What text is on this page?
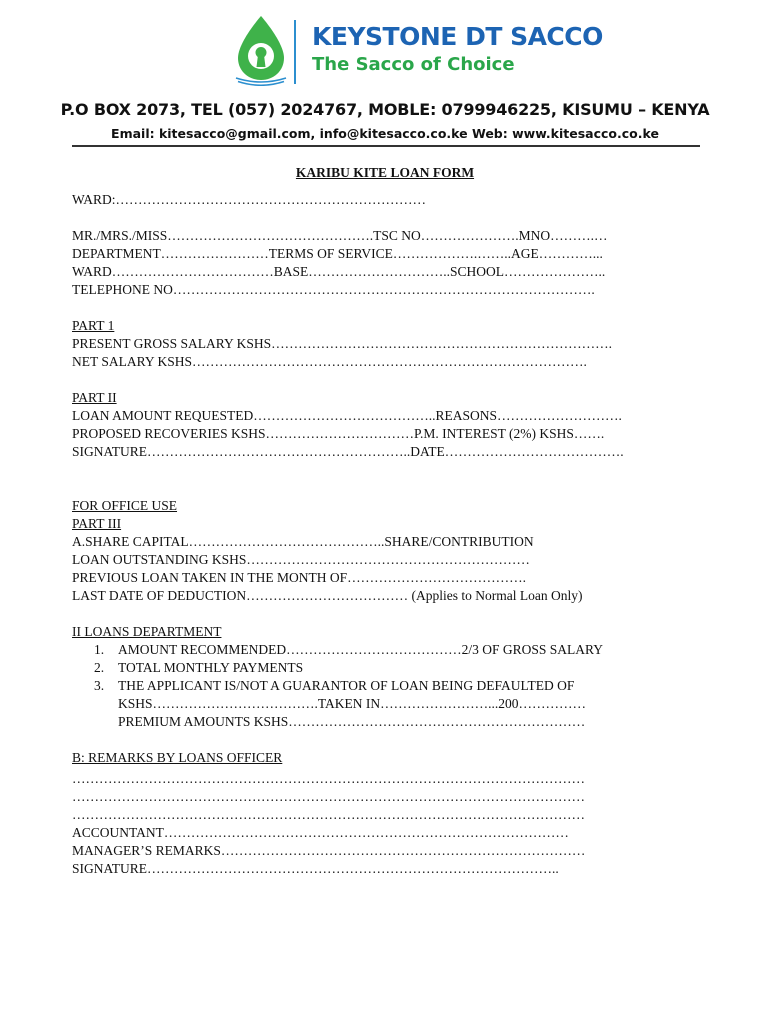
KEYSTONE DT SACCO
The Sacco of Choice
P.O BOX 2073, TEL (057) 2024767, MOBLE: 0799946225, KISUMU – KENYA
Email: kitesacco@gmail.com, info@kitesacco.co.ke Web: www.kitesacco.co.ke
KARIBU KITE LOAN FORM
WARD:……………………………………………………………
MR./MRS./MISS……………………………………….TSC NO………………….MNO……….…
DEPARTMENT……………………TERMS OF SERVICE……………….……..AGE…………...
WARD………………………………BASE…………………………..SCHOOL…………………..
TELEPHONE NO………………………………………………………………………………….
PART 1
PRESENT GROSS SALARY KSHS………………………………………………………………….
NET SALARY KSHS…………………………………………………………………………….
PART II
LOAN AMOUNT REQUESTED…………………………………..REASONS……………………….
PROPOSED RECOVERIES KSHS……………………………P.M. INTEREST (2%) KSHS…….
SIGNATURE…………………………………………………..DATE………………………………….
FOR OFFICE USE
PART III
A.SHARE CAPITAL……………………………………..SHARE/CONTRIBUTION
LOAN OUTSTANDING KSHS………………………………………………………
PREVIOUS LOAN TAKEN IN THE MONTH OF………………………………….
LAST DATE OF DEDUCTION……………………………… (Applies to Normal Loan Only)
II LOANS DEPARTMENT
1. AMOUNT RECOMMENDED…………………………………2/3 OF GROSS SALARY
2. TOTAL MONTHLY PAYMENTS
3. THE APPLICANT IS/NOT A GUARANTOR OF LOAN BEING DEFAULTED OF
KSHS……………………………….TAKEN IN……………………...200……………
PREMIUM AMOUNTS KSHS…………………………………………………………
B: REMARKS BY LOANS OFFICER
……………………………………………………………………………………………………
……………………………………………………………………………………………………
……………………………………………………………………………………………………
ACCOUNTANT………………………………………………………………………………
MANAGER’S REMARKS………………………………………………………………………
SIGNATURE………………………………………………………………………………..
